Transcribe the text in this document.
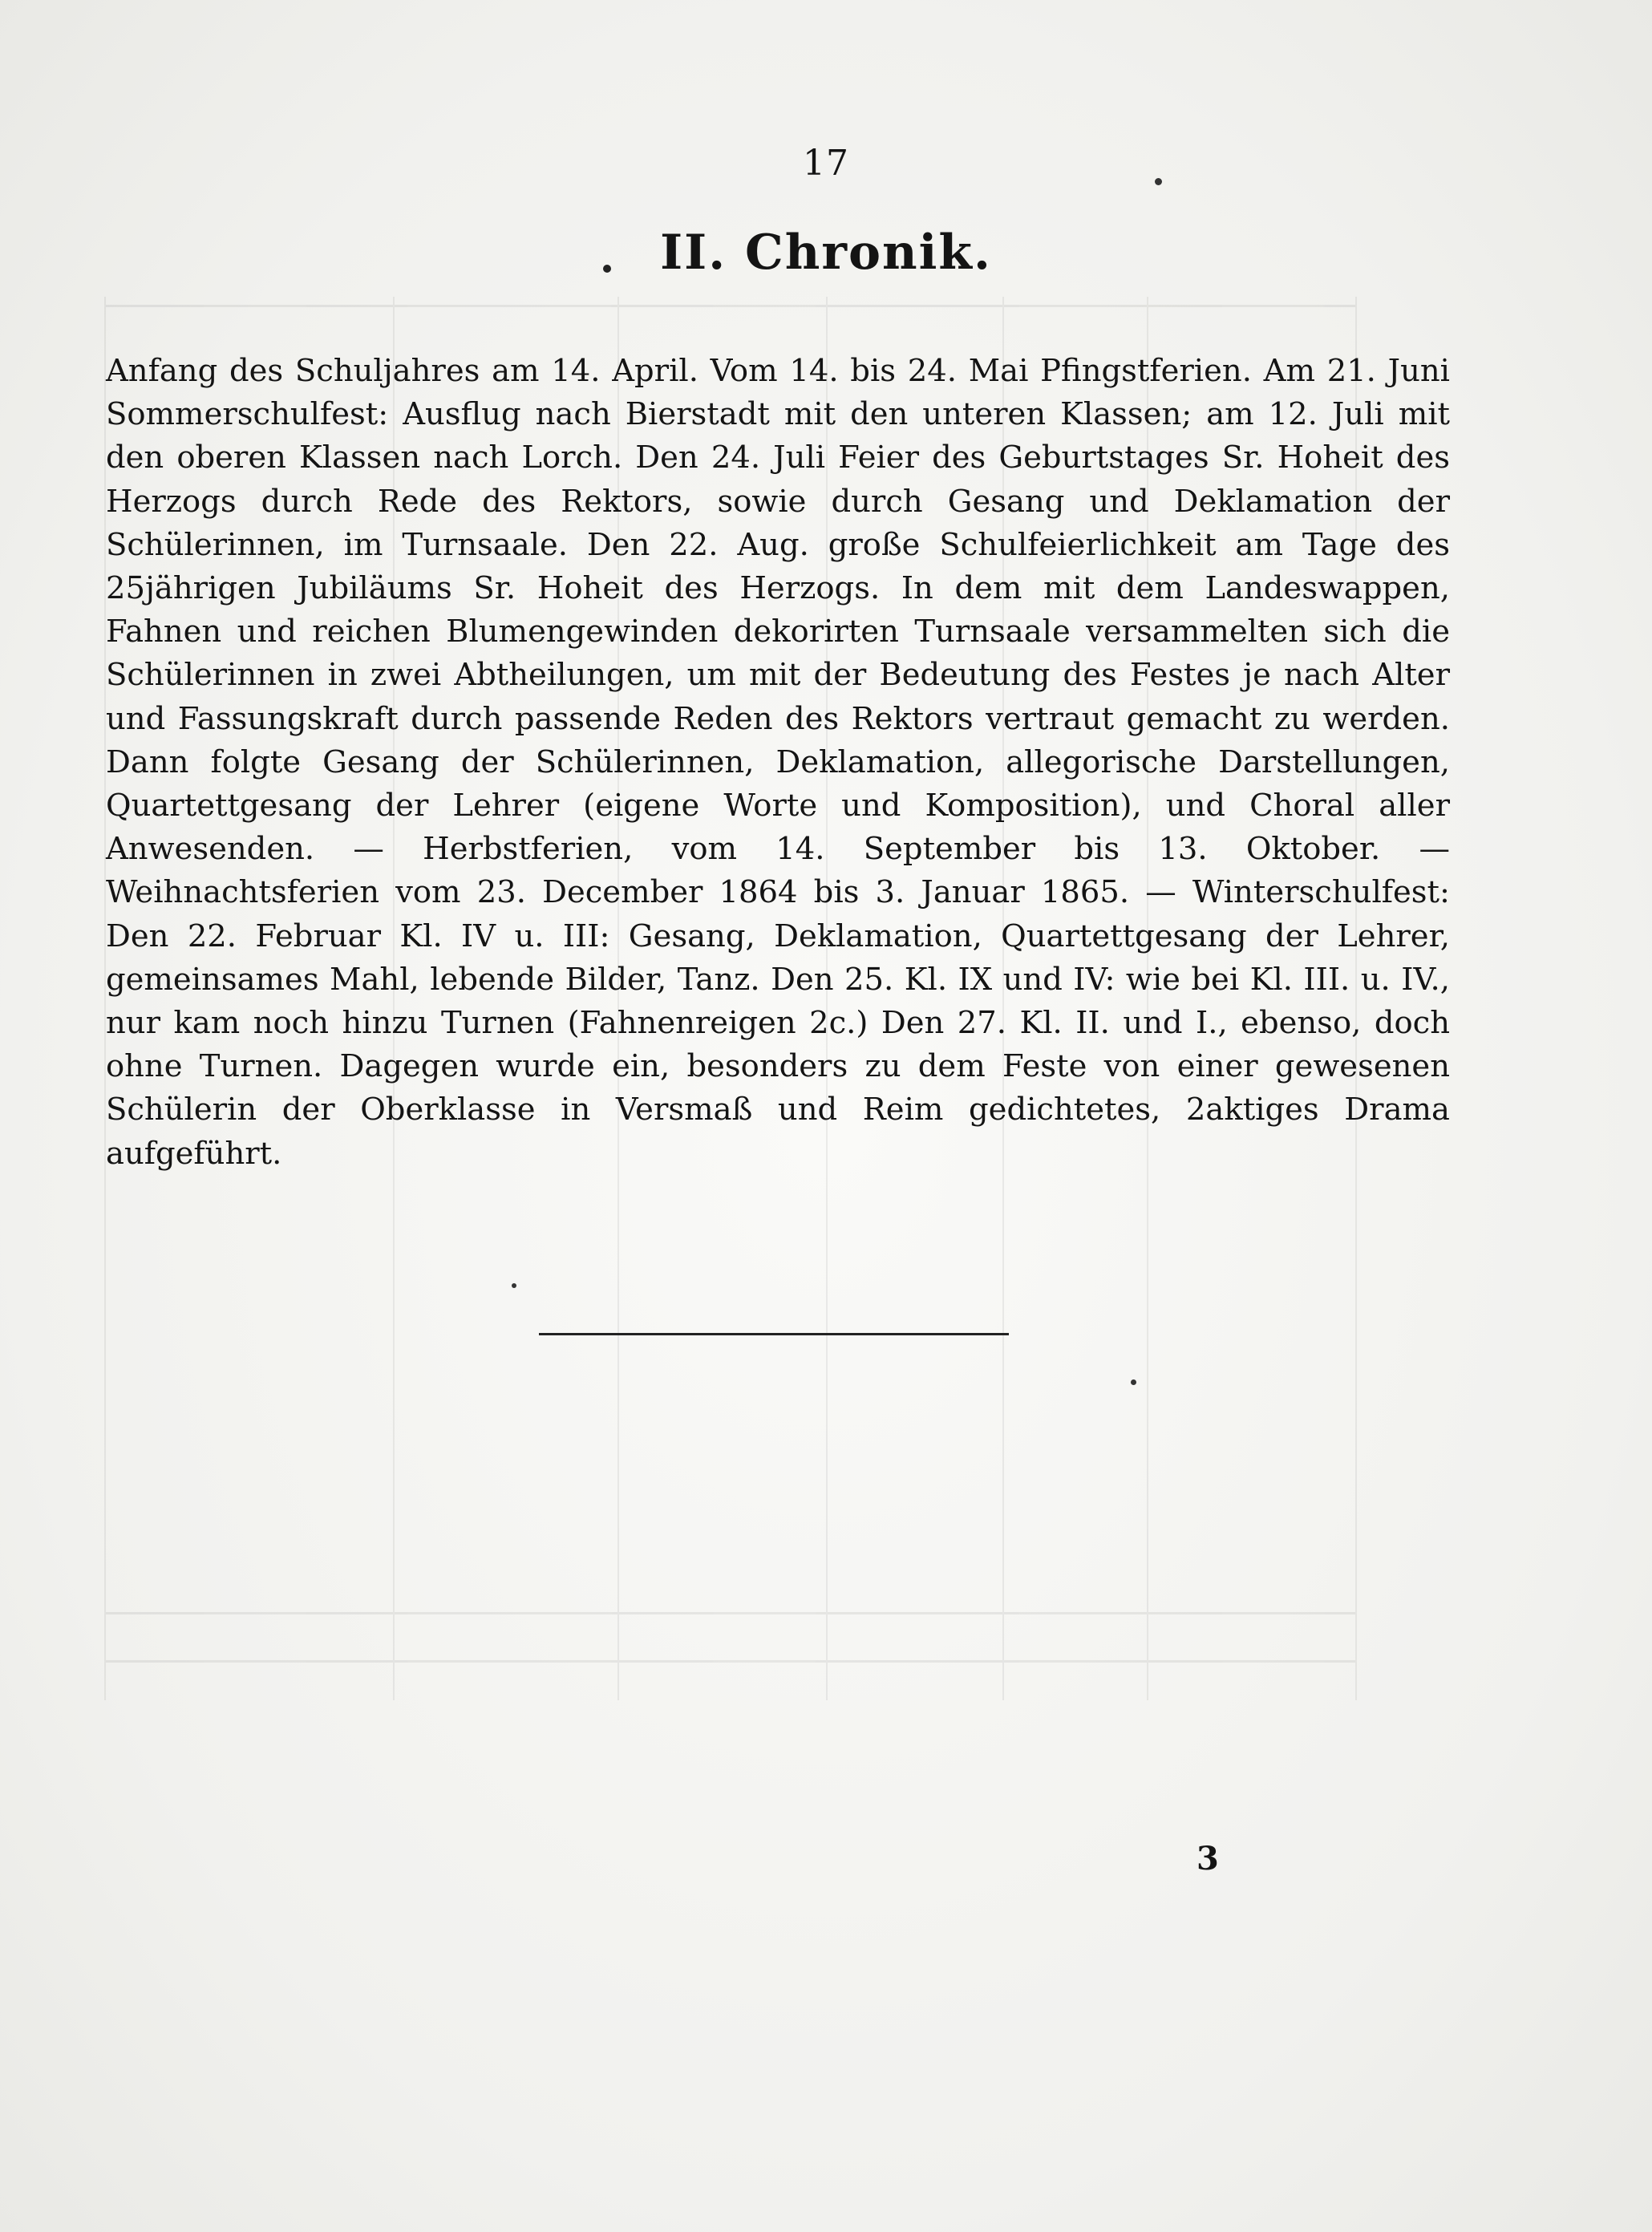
17
II. Chronik.

Anfang des Schuljahres am 14. April. Vom 14. bis 24. Mai Pfingstferien. Am 21. Juni Sommerschulfest: Ausflug nach Bierstadt mit den unteren Klassen; am 12. Juli mit den oberen Klassen nach Lorch. Den 24. Juli Feier des Geburtstages Sr. Hoheit des Herzogs durch Rede des Rektors, sowie durch Gesang und Deklamation der Schülerinnen, im Turnsaale. Den 22. Aug. große Schulfeierlichkeit am Tage des 25jährigen Jubiläums Sr. Hoheit des Herzogs. In dem mit dem Landeswappen, Fahnen und reichen Blumengewinden dekorirten Turnsaale versammelten sich die Schülerinnen in zwei Abtheilungen, um mit der Bedeutung des Festes je nach Alter und Fassungskraft durch passende Reden des Rektors vertraut gemacht zu werden. Dann folgte Gesang der Schülerinnen, Deklamation, allegorische Darstellungen, Quartettgesang der Lehrer (eigene Worte und Komposition), und Choral aller Anwesenden. — Herbstferien, vom 14. September bis 13. Oktober. — Weihnachtsferien vom 23. December 1864 bis 3. Januar 1865. — Winterschulfest: Den 22. Februar Kl. IV u. III: Gesang, Deklamation, Quartettgesang der Lehrer, gemeinsames Mahl, lebende Bilder, Tanz. Den 25. Kl. IX und IV: wie bei Kl. III. u. IV., nur kam noch hinzu Turnen (Fahnenreigen 2c.) Den 27. Kl. II. und I., ebenso, doch ohne Turnen. Dagegen wurde ein, besonders zu dem Feste von einer gewesenen Schülerin der Oberklasse in Versmaß und Reim gedichtetes, 2aktiges Drama aufgeführt.

3
